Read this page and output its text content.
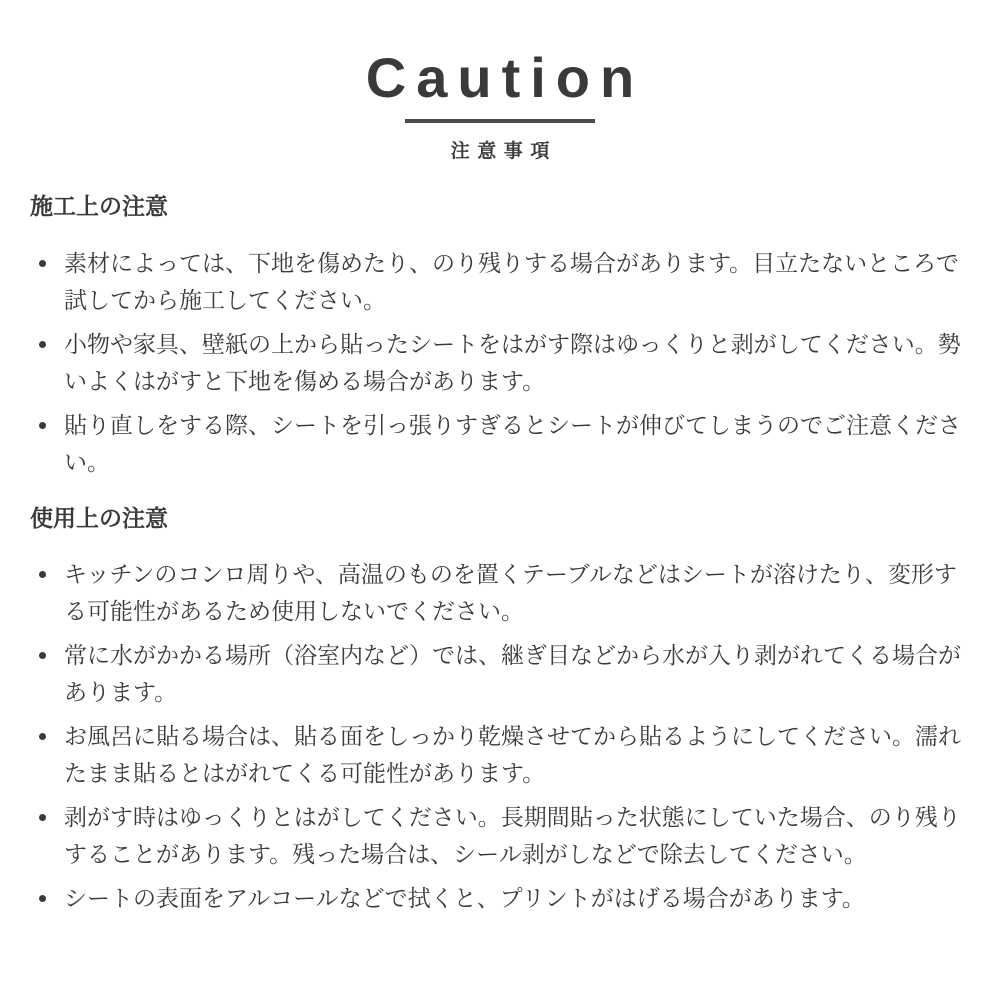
Caution

注意事項

施工上の注意
素材によっては、下地を傷めたり、のり残りする場合があります。目立たないところで試してから施工してください。
小物や家具、壁紙の上から貼ったシートをはがす際はゆっくりと剥がしてください。勢いよくはがすと下地を傷める場合があります。
貼り直しをする際、シートを引っ張りすぎるとシートが伸びてしまうのでご注意ください。
使用上の注意
キッチンのコンロ周りや、高温のものを置くテーブルなどはシートが溶けたり、変形する可能性があるため使用しないでください。
常に水がかかる場所（浴室内など）では、継ぎ目などから水が入り剥がれてくる場合があります。
お風呂に貼る場合は、貼る面をしっかり乾燥させてから貼るようにしてください。濡れたまま貼るとはがれてくる可能性があります。
剥がす時はゆっくりとはがしてください。長期間貼った状態にしていた場合、のり残りすることがあります。残った場合は、シール剥がしなどで除去してください。
シートの表面をアルコールなどで拭くと、プリントがはげる場合があります。
